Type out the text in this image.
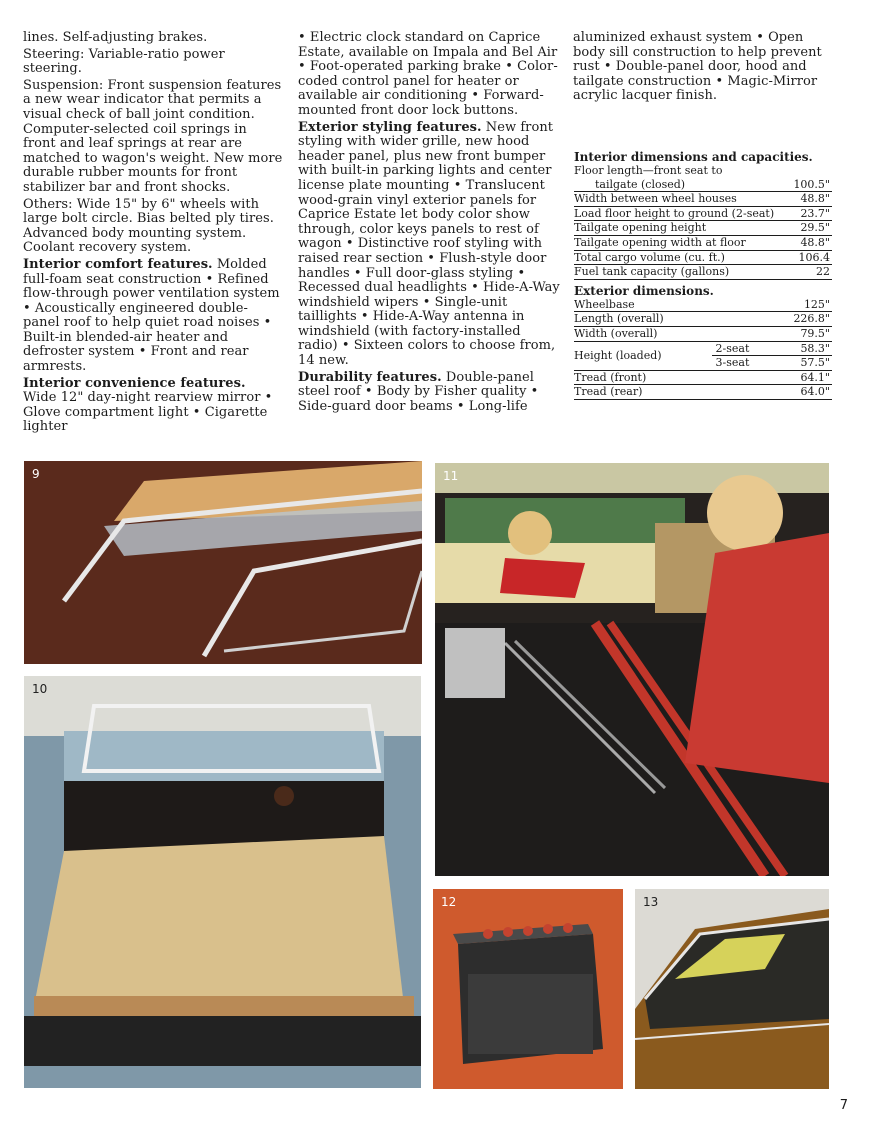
lines. Self-adjusting brakes.

Steering: Variable-ratio power steering.

Suspension: Front suspension features a new wear indicator that permits a visual check of ball joint condition. Computer-selected coil springs in front and leaf springs at rear are matched to wagon's weight. New more durable rubber mounts for front stabilizer bar and front shocks.

Others: Wide 15" by 6" wheels with large bolt circle. Bias belted ply tires. Advanced body mounting system. Coolant recovery system.

Interior comfort features. Molded full-foam seat construction • Refined flow-through power ventilation system • Acoustically engineered double-panel roof to help quiet road noises • Built-in blended-air heater and defroster system • Front and rear armrests.

Interior convenience features. Wide 12" day-night rearview mirror • Glove compartment light • Cigarette lighter

• Electric clock standard on Caprice Estate, available on Impala and Bel Air • Foot-operated parking brake • Color-coded control panel for heater or available air conditioning • Forward-mounted front door lock buttons.

Exterior styling features. New front styling with wider grille, new hood header panel, plus new front bumper with built-in parking lights and center license plate mounting • Translucent wood-grain vinyl exterior panels for Caprice Estate let body color show through, color keys panels to rest of wagon • Distinctive roof styling with raised rear section • Flush-style door handles • Full door-glass styling • Recessed dual headlights • Hide-A-Way windshield wipers • Single-unit taillights • Hide-A-Way antenna in windshield (with factory-installed radio) • Sixteen colors to choose from, 14 new.

Durability features. Double-panel steel roof • Body by Fisher quality • Side-guard door beams • Long-life

aluminized exhaust system • Open body sill construction to help prevent rust • Double-panel door, hood and tailgate construction • Magic-Mirror acrylic lacquer finish.

Interior dimensions and capacities.
Floor length—front seat to
tailgate (closed)	100.5"
Width between wheel houses	48.8"
Load floor height to ground (2-seat)	23.7"
Tailgate opening height	29.5"
Tailgate opening width at floor	48.8"
Total cargo volume (cu. ft.)	106.4
Fuel tank capacity (gallons)	22
Exterior dimensions.
Wheelbase		125"
Length (overall)		226.8"
Width (overall)		79.5"
Height (loaded)	2-seat	58.3"
	3-seat	57.5"
Tread (front)		64.1"
Tread (rear)		64.0"
9
10
11
12	13
7
